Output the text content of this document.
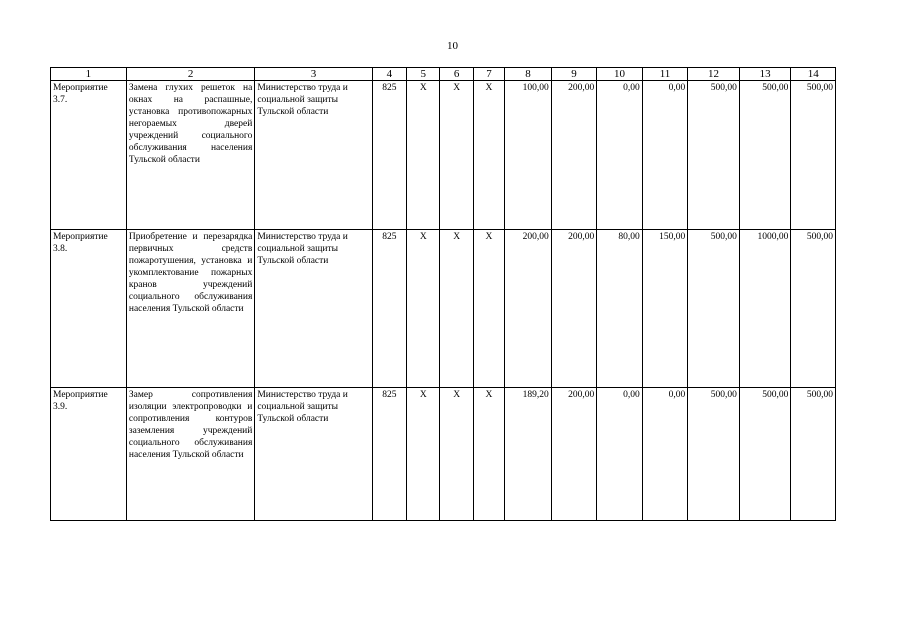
10
1	2	3	4	5	6	7	8	9	10	11	12	13	14
Мероприятие 3.7.	Замена глухих решеток на окнах на распашные, установка противопожарных негораемых дверей учреждений социального обслуживания населения Тульской области	Министерство труда и социальной защиты Тульской области	825	X	X	X	100,00	200,00	0,00	0,00	500,00	500,00	500,00
Мероприятие 3.8.	Приобретение и перезарядка первичных средств пожаротушения, установка и укомплектование пожарных кранов учреждений социального обслуживания населения Тульской области	Министерство труда и социальной защиты Тульской области	825	X	X	X	200,00	200,00	80,00	150,00	500,00	1000,00	500,00
Мероприятие 3.9.	Замер сопротивления изоляции электропроводки и сопротивления контуров заземления учреждений социального обслуживания населения Тульской области	Министерство труда и социальной защиты Тульской области	825	X	X	X	189,20	200,00	0,00	0,00	500,00	500,00	500,00
